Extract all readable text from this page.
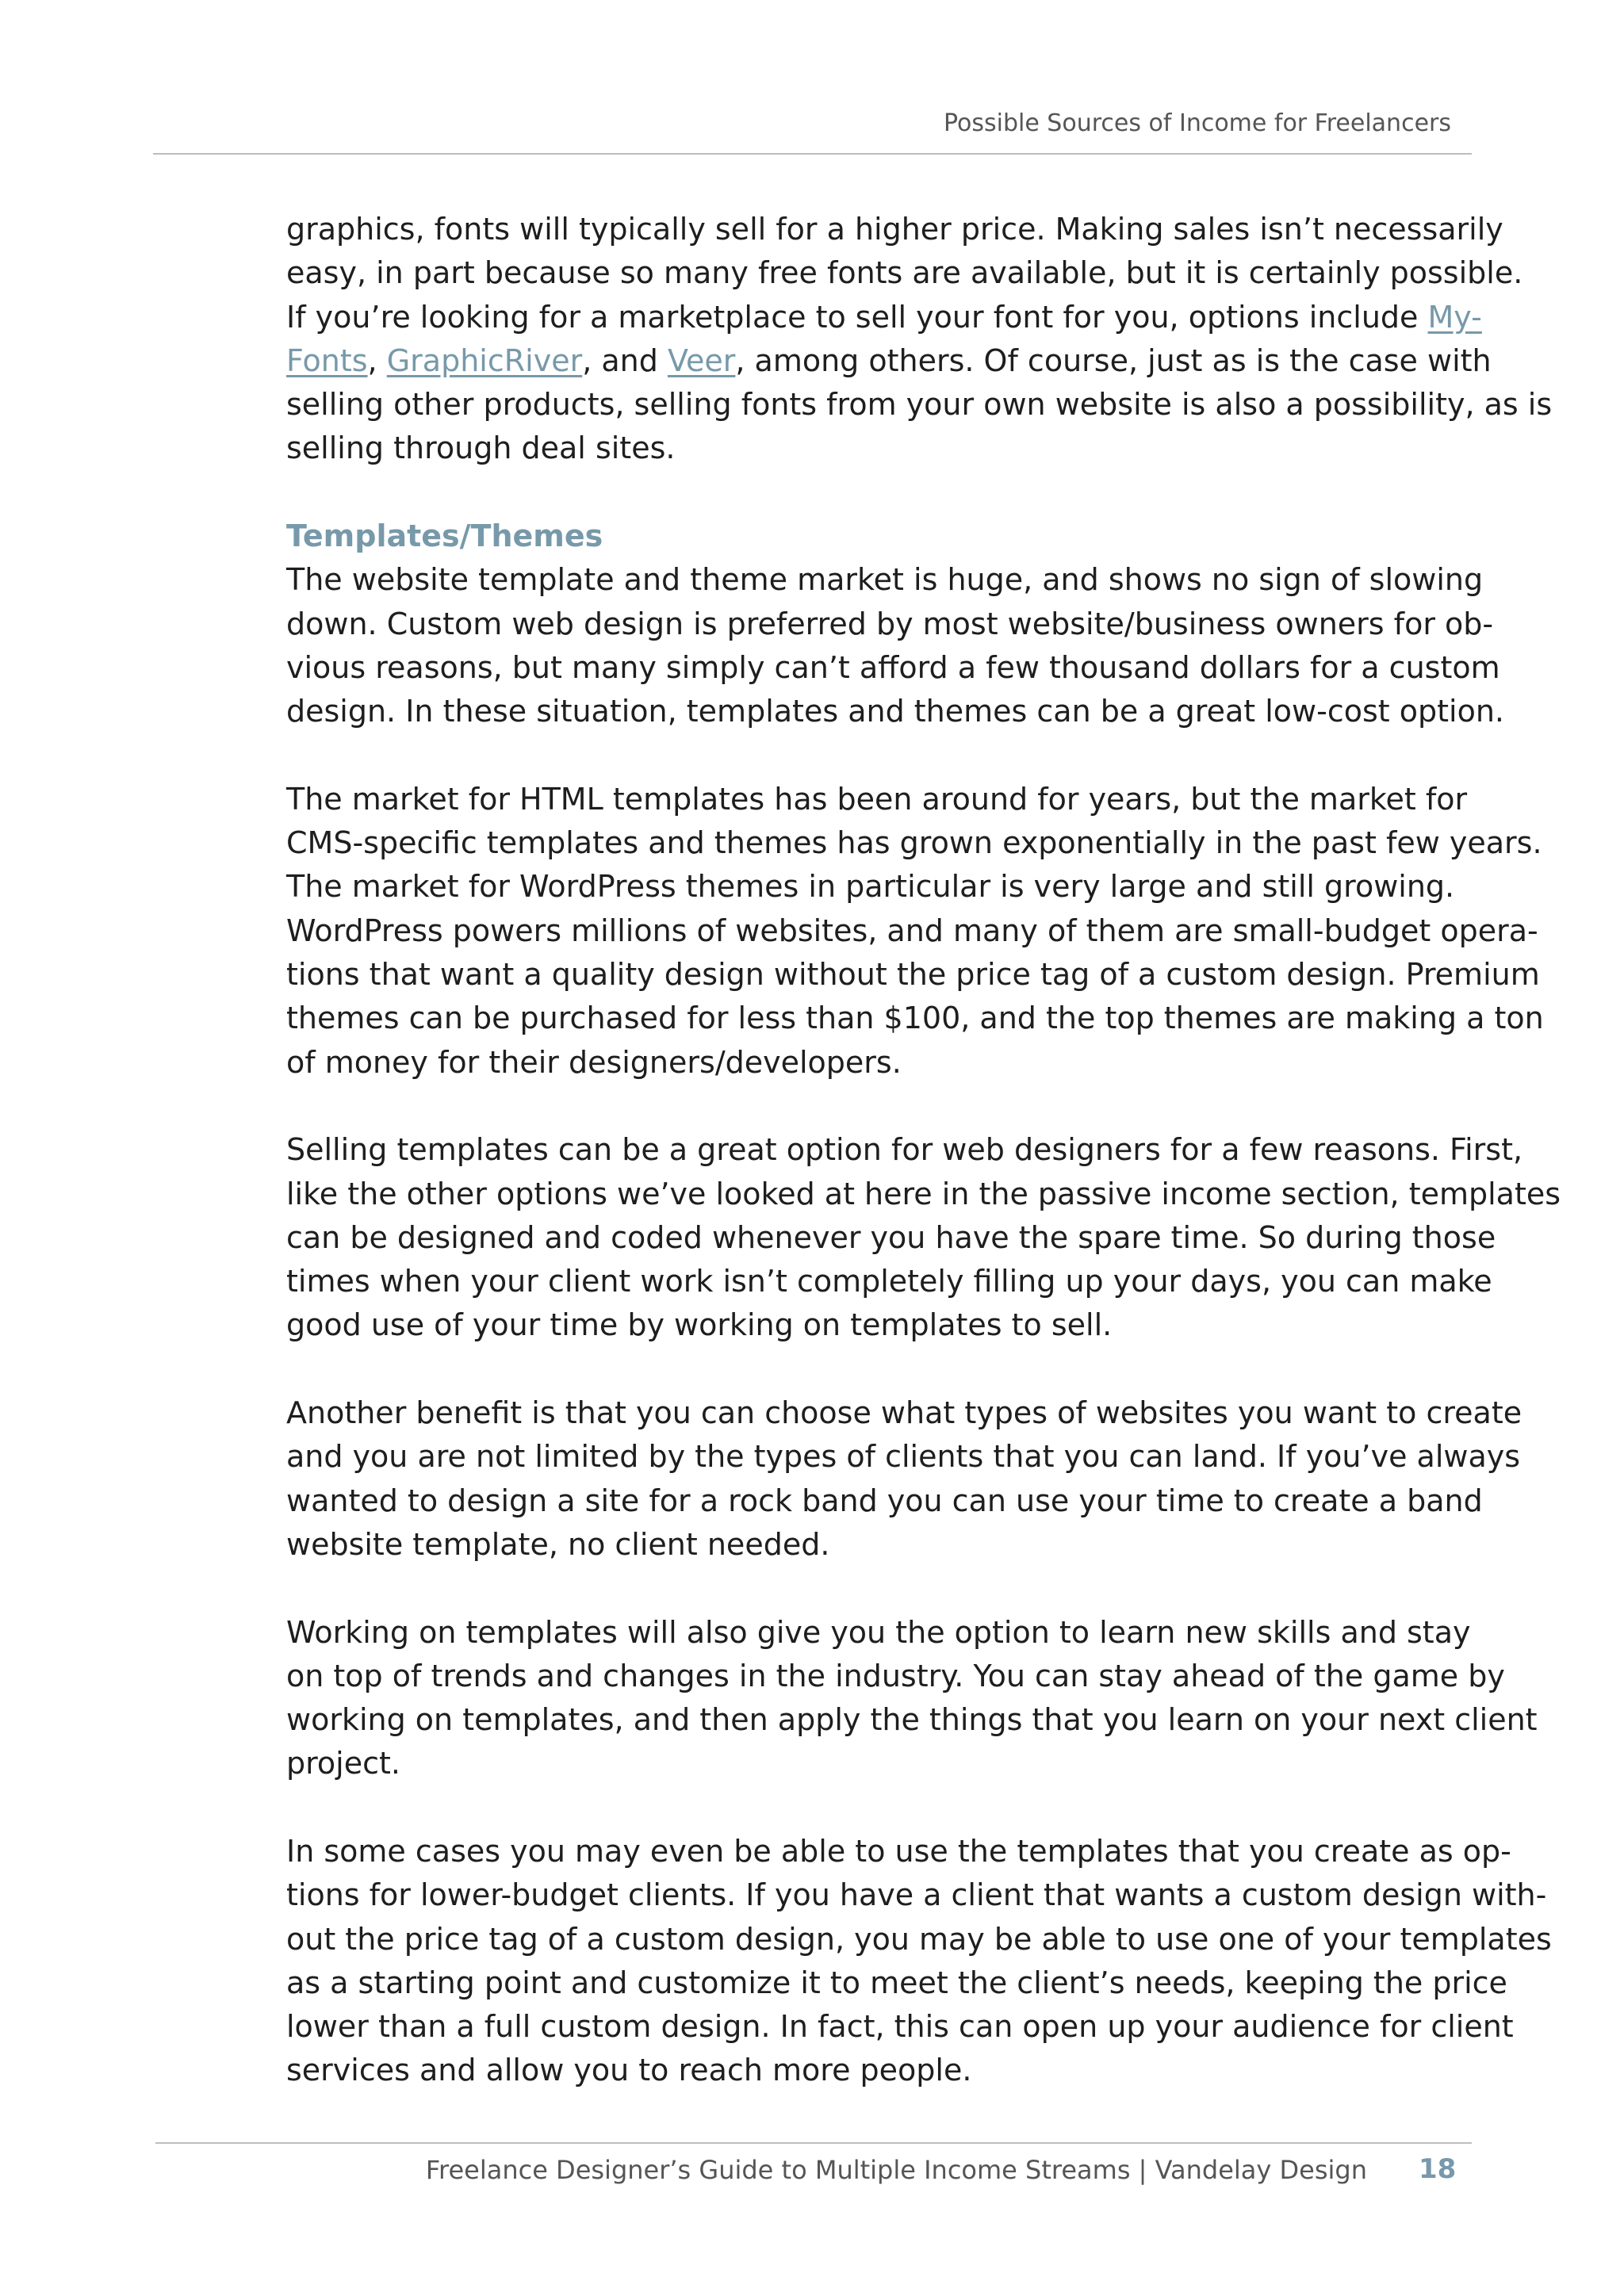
Possible Sources of Income for Freelancers

graphics, fonts will typically sell for a higher price. Making sales isn’t necessarily
easy, in part because so many free fonts are available, but it is certainly possible.
If you’re looking for a marketplace to sell your font for you, options include My-
Fonts, GraphicRiver, and Veer, among others. Of course, just as is the case with
selling other products, selling fonts from your own website is also a possibility, as is
selling through deal sites.

Templates/Themes

The website template and theme market is huge, and shows no sign of slowing
down. Custom web design is preferred by most website/business owners for ob-
vious reasons, but many simply can’t afford a few thousand dollars for a custom
design. In these situation, templates and themes can be a great low-cost option.

The market for HTML templates has been around for years, but the market for
CMS-specific templates and themes has grown exponentially in the past few years.
The market for WordPress themes in particular is very large and still growing.
WordPress powers millions of websites, and many of them are small-budget opera-
tions that want a quality design without the price tag of a custom design. Premium
themes can be purchased for less than $100, and the top themes are making a ton
of money for their designers/developers.

Selling templates can be a great option for web designers for a few reasons. First,
like the other options we’ve looked at here in the passive income section, templates
can be designed and coded whenever you have the spare time. So during those
times when your client work isn’t completely filling up your days, you can make
good use of your time by working on templates to sell.

Another benefit is that you can choose what types of websites you want to create
and you are not limited by the types of clients that you can land. If you’ve always
wanted to design a site for a rock band you can use your time to create a band
website template, no client needed.

Working on templates will also give you the option to learn new skills and stay
on top of trends and changes in the industry. You can stay ahead of the game by
working on templates, and then apply the things that you learn on your next client
project.

In some cases you may even be able to use the templates that you create as op-
tions for lower-budget clients. If you have a client that wants a custom design with-
out the price tag of a custom design, you may be able to use one of your templates
as a starting point and customize it to meet the client’s needs, keeping the price
lower than a full custom design. In fact, this can open up your audience for client
services and allow you to reach more people.

Freelance Designer’s Guide to Multiple Income Streams | Vandelay Design 18
